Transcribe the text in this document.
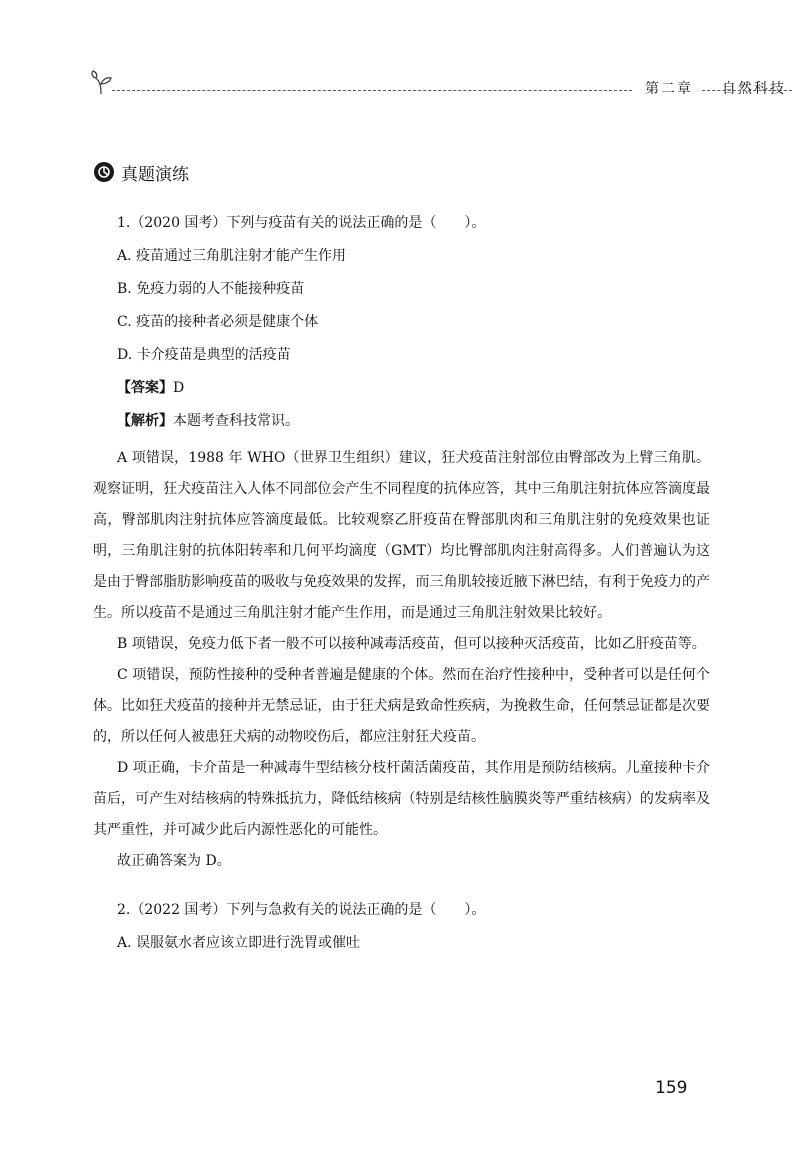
第二章 自然科技
真题演练
1.（2020 国考）下列与疫苗有关的说法正确的是（　　）。
A. 疫苗通过三角肌注射才能产生作用
B. 免疫力弱的人不能接种疫苗
C. 疫苗的接种者必须是健康个体
D. 卡介疫苗是典型的活疫苗
【答案】D
【解析】本题考查科技常识。

A 项错误，1988 年 WHO（世界卫生组织）建议，狂犬疫苗注射部位由臀部改为上臂三角肌。观察证明，狂犬疫苗注入人体不同部位会产生不同程度的抗体应答，其中三角肌注射抗体应答滴度最高，臀部肌肉注射抗体应答滴度最低。比较观察乙肝疫苗在臀部肌肉和三角肌注射的免疫效果也证明，三角肌注射的抗体阳转率和几何平均滴度（GMT）均比臀部肌肉注射高得多。人们普遍认为这是由于臀部脂肪影响疫苗的吸收与免疫效果的发挥，而三角肌较接近腋下淋巴结，有利于免疫力的产生。所以疫苗不是通过三角肌注射才能产生作用，而是通过三角肌注射效果比较好。

B 项错误，免疫力低下者一般不可以接种减毒活疫苗，但可以接种灭活疫苗，比如乙肝疫苗等。

C 项错误，预防性接种的受种者普遍是健康的个体。然而在治疗性接种中，受种者可以是任何个体。比如狂犬疫苗的接种并无禁忌证，由于狂犬病是致命性疾病，为挽救生命，任何禁忌证都是次要的，所以任何人被患狂犬病的动物咬伤后，都应注射狂犬疫苗。

D 项正确，卡介苗是一种减毒牛型结核分枝杆菌活菌疫苗，其作用是预防结核病。儿童接种卡介苗后，可产生对结核病的特殊抵抗力，降低结核病（特别是结核性脑膜炎等严重结核病）的发病率及其严重性，并可减少此后内源性恶化的可能性。

故正确答案为 D。

2.（2022 国考）下列与急救有关的说法正确的是（　　）。
A. 误服氨水者应该立即进行洗胃或催吐
159
